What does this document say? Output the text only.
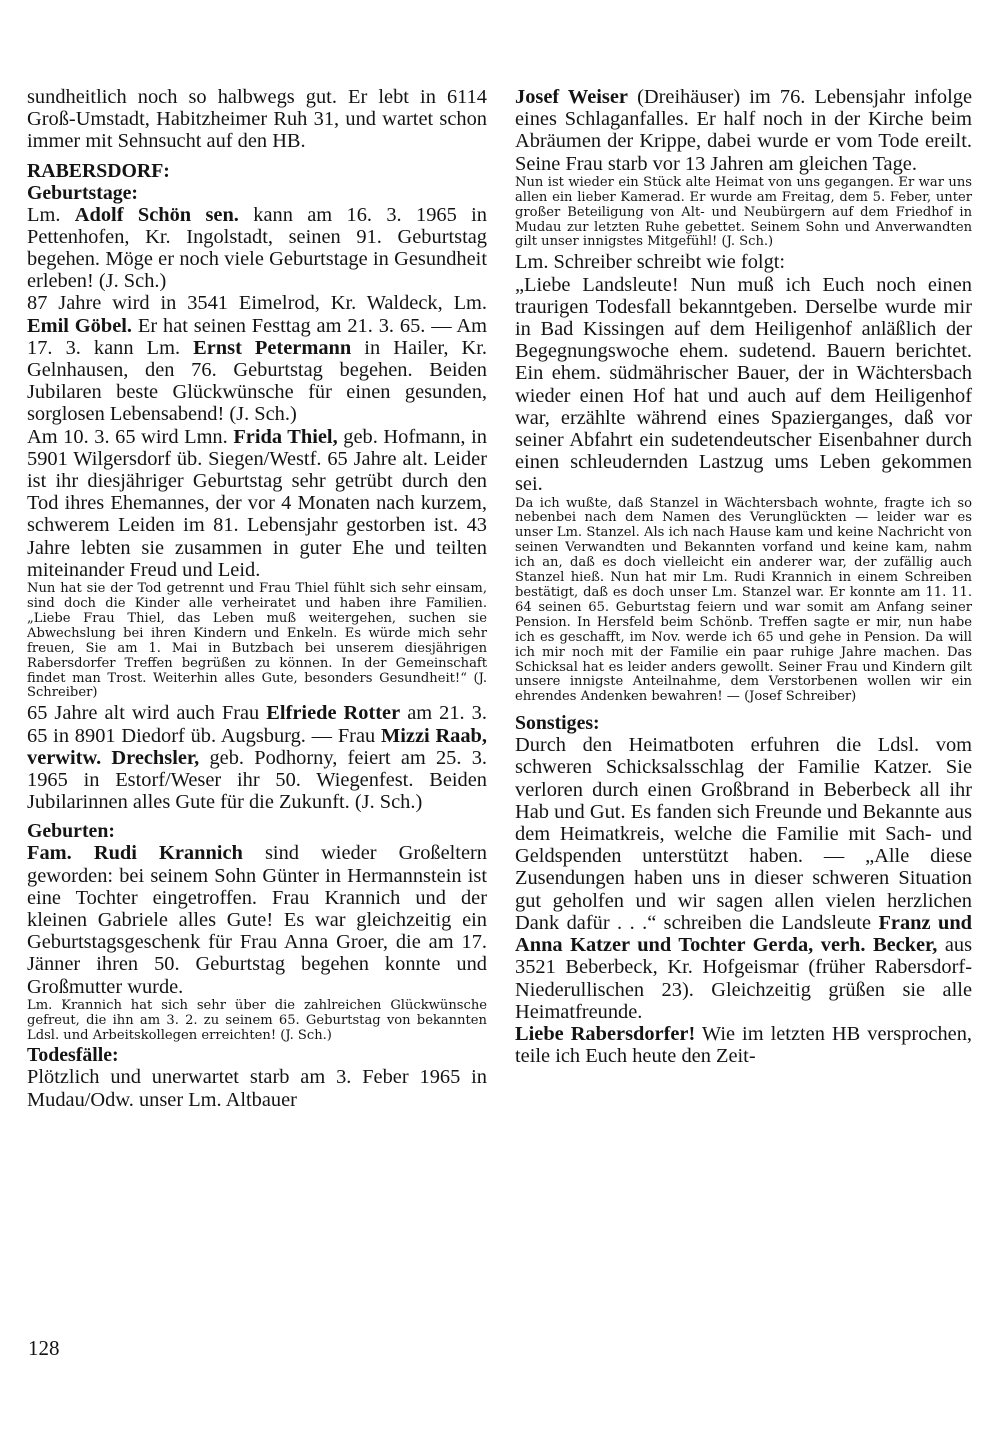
sundheitlich noch so halbwegs gut. Er lebt in 6114 Groß-Umstadt, Habitzheimer Ruh 31, und wartet schon immer mit Sehnsucht auf den HB.

RABERSDORF:

Geburtstage:

Lm. Adolf Schön sen. kann am 16. 3. 1965 in Pettenhofen, Kr. Ingolstadt, seinen 91. Geburtstag begehen. Möge er noch viele Geburtstage in Gesundheit erleben! (J. Sch.)

87 Jahre wird in 3541 Eimelrod, Kr. Waldeck, Lm. Emil Göbel. Er hat seinen Festtag am 21. 3. 65. — Am 17. 3. kann Lm. Ernst Petermann in Hailer, Kr. Gelnhausen, den 76. Geburtstag begehen. Beiden Jubilaren beste Glückwünsche für einen gesunden, sorglosen Lebensabend! (J. Sch.)

Am 10. 3. 65 wird Lmn. Frida Thiel, geb. Hofmann, in 5901 Wilgersdorf üb. Siegen/Westf. 65 Jahre alt. Leider ist ihr diesjähriger Geburtstag sehr getrübt durch den Tod ihres Ehemannes, der vor 4 Monaten nach kurzem, schwerem Leiden im 81. Lebensjahr gestorben ist. 43 Jahre lebten sie zusammen in guter Ehe und teilten miteinander Freud und Leid.

Nun hat sie der Tod getrennt und Frau Thiel fühlt sich sehr einsam, sind doch die Kinder alle verheiratet und haben ihre Familien. „Liebe Frau Thiel, das Leben muß weitergehen, suchen sie Abwechslung bei ihren Kindern und Enkeln. Es würde mich sehr freuen, Sie am 1. Mai in Butzbach bei unserem diesjährigen Rabersdorfer Treffen begrüßen zu können. In der Gemeinschaft findet man Trost. Weiterhin alles Gute, besonders Gesundheit!“ (J. Schreiber)

65 Jahre alt wird auch Frau Elfriede Rotter am 21. 3. 65 in 8901 Diedorf üb. Augsburg. — Frau Mizzi Raab, verwitw. Drechsler, geb. Podhorny, feiert am 25. 3. 1965 in Estorf/Weser ihr 50. Wiegenfest. Beiden Jubilarinnen alles Gute für die Zukunft. (J. Sch.)

Geburten:

Fam. Rudi Krannich sind wieder Großeltern geworden: bei seinem Sohn Günter in Hermannstein ist eine Tochter eingetroffen. Frau Krannich und der kleinen Gabriele alles Gute! Es war gleichzeitig ein Geburtstagsgeschenk für Frau Anna Groer, die am 17. Jänner ihren 50. Geburtstag begehen konnte und Großmutter wurde.

Lm. Krannich hat sich sehr über die zahlreichen Glückwünsche gefreut, die ihn am 3. 2. zu seinem 65. Geburtstag von bekannten Ldsl. und Arbeitskollegen erreichten! (J. Sch.)

Todesfälle:

Plötzlich und unerwartet starb am 3. Feber 1965 in Mudau/Odw. unser Lm. Altbauer

Josef Weiser (Dreihäuser) im 76. Lebensjahr infolge eines Schlaganfalles. Er half noch in der Kirche beim Abräumen der Krippe, dabei wurde er vom Tode ereilt. Seine Frau starb vor 13 Jahren am gleichen Tage.

Nun ist wieder ein Stück alte Heimat von uns gegangen. Er war uns allen ein lieber Kamerad. Er wurde am Freitag, dem 5. Feber, unter großer Beteiligung von Alt- und Neubürgern auf dem Friedhof in Mudau zur letzten Ruhe gebettet. Seinem Sohn und Anverwandten gilt unser innigstes Mitgefühl! (J. Sch.)

Lm. Schreiber schreibt wie folgt:

„Liebe Landsleute! Nun muß ich Euch noch einen traurigen Todesfall bekanntgeben. Derselbe wurde mir in Bad Kissingen auf dem Heiligenhof anläßlich der Begegnungswoche ehem. sudetend. Bauern berichtet. Ein ehem. südmährischer Bauer, der in Wächtersbach wieder einen Hof hat und auch auf dem Heiligenhof war, erzählte während eines Spazierganges, daß vor seiner Abfahrt ein sudetendeutscher Eisenbahner durch einen schleudernden Lastzug ums Leben gekommen sei.

Da ich wußte, daß Stanzel in Wächtersbach wohnte, fragte ich so nebenbei nach dem Namen des Verunglückten — leider war es unser Lm. Stanzel. Als ich nach Hause kam und keine Nachricht von seinen Verwandten und Bekannten vorfand und keine kam, nahm ich an, daß es doch vielleicht ein anderer war, der zufällig auch Stanzel hieß. Nun hat mir Lm. Rudi Krannich in einem Schreiben bestätigt, daß es doch unser Lm. Stanzel war. Er konnte am 11. 11. 64 seinen 65. Geburtstag feiern und war somit am Anfang seiner Pension. In Hersfeld beim Schönb. Treffen sagte er mir, nun habe ich es geschafft, im Nov. werde ich 65 und gehe in Pension. Da will ich mir noch mit der Familie ein paar ruhige Jahre machen. Das Schicksal hat es leider anders gewollt. Seiner Frau und Kindern gilt unsere innigste Anteilnahme, dem Verstorbenen wollen wir ein ehrendes Andenken bewahren! — (Josef Schreiber)

Sonstiges:

Durch den Heimatboten erfuhren die Ldsl. vom schweren Schicksalsschlag der Familie Katzer. Sie verloren durch einen Großbrand in Beberbeck all ihr Hab und Gut. Es fanden sich Freunde und Bekannte aus dem Heimatkreis, welche die Familie mit Sach- und Geldspenden unterstützt haben. — „Alle diese Zusendungen haben uns in dieser schweren Situation gut geholfen und wir sagen allen vielen herzlichen Dank dafür . . .“ schreiben die Landsleute Franz und Anna Katzer und Tochter Gerda, verh. Becker, aus 3521 Beberbeck, Kr. Hofgeismar (früher Rabersdorf-Niederullischen 23). Gleichzeitig grüßen sie alle Heimatfreunde.

Liebe Rabersdorfer! Wie im letzten HB versprochen, teile ich Euch heute den Zeit-

128
